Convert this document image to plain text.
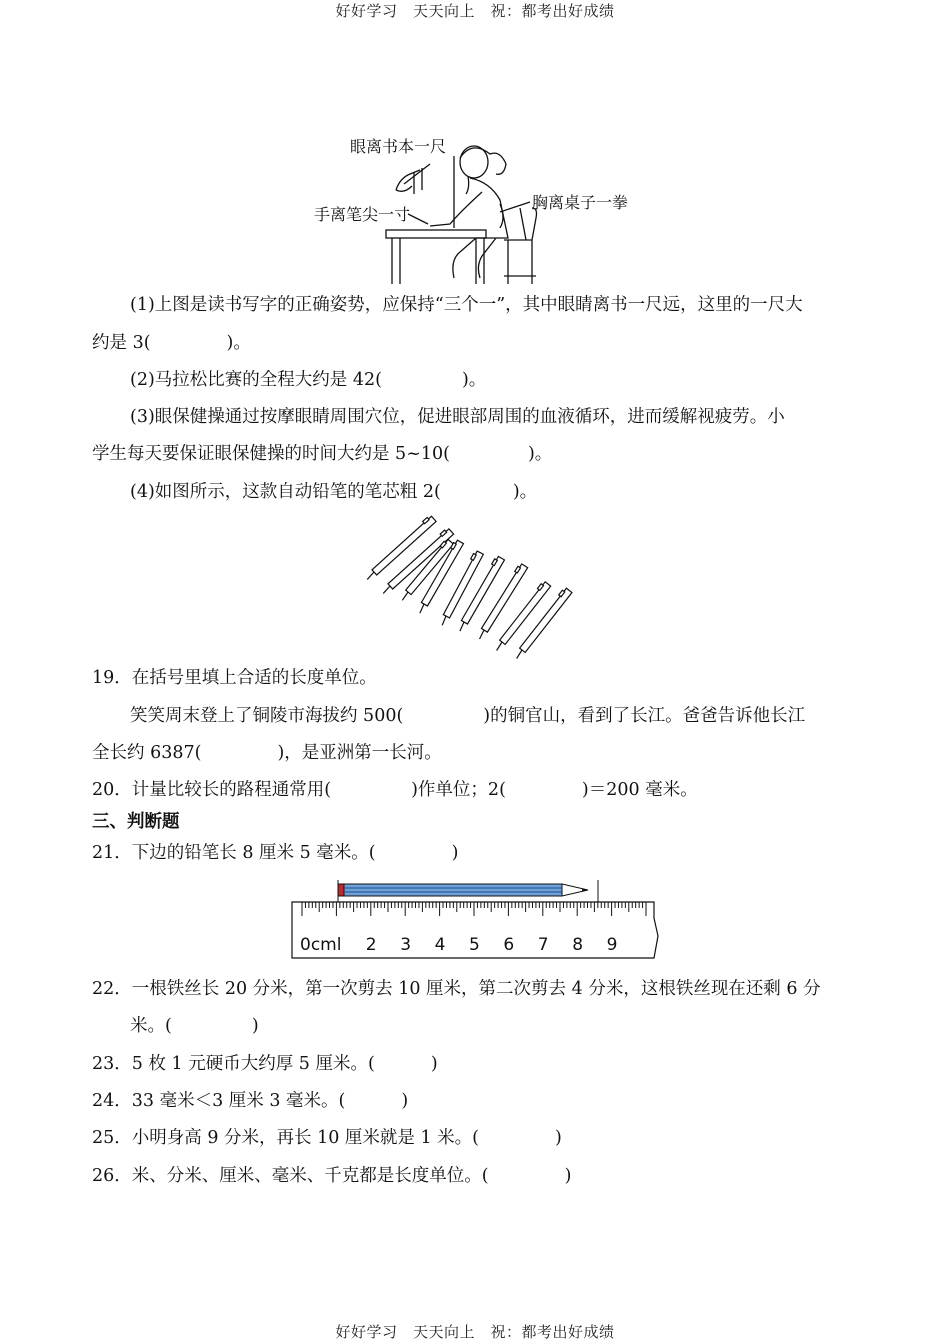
好好学习　天天向上　祝：都考出好成绩
眼离书本一尺
手离笔尖一寸
胸离桌子一拳
(1)上图是读书写字的正确姿势，应保持“三个一”，其中眼睛离书一尺远，这里的一尺大
约是 3(	)。
(2)马拉松比赛的全程大约是 42(	)。
(3)眼保健操通过按摩眼睛周围穴位，促进眼部周围的血液循环，进而缓解视疲劳。小
学生每天要保证眼保健操的时间大约是 5~10(	)。
(4)如图所示，这款自动铅笔的笔芯粗 2(	)。
19．在括号里填上合适的长度单位。
笑笑周末登上了铜陵市海拔约 500(	)的铜官山，看到了长江。爸爸告诉他长江
全长约 6387(	)，是亚洲第一长河。
20．计量比较长的路程通常用(	)作单位；2(	)＝200 毫米。
三、判断题
21．下边的铅笔长 8 厘米 5 毫米。(	)
0cml 2 3 4 5 6 7 8 9
22．一根铁丝长 20 分米，第一次剪去 10 厘米，第二次剪去 4 分米，这根铁丝现在还剩 6 分
米。(	)
23．5 枚 1 元硬币大约厚 5 厘米。(	)
24．33 毫米＜3 厘米 3 毫米。(	)
25．小明身高 9 分米，再长 10 厘米就是 1 米。(	)
26．米、分米、厘米、毫米、千克都是长度单位。(	)
好好学习　天天向上　祝：都考出好成绩
